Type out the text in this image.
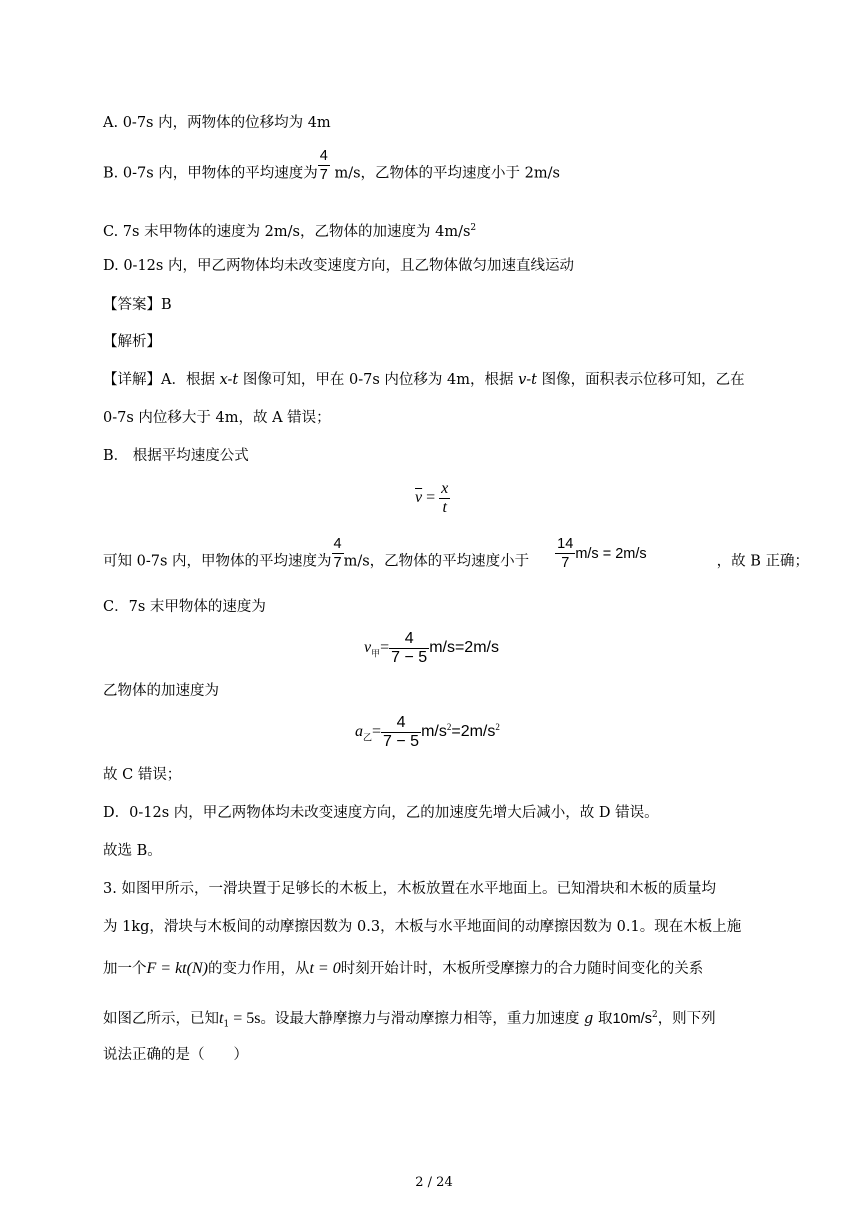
A. 0-7s 内，两物体的位移均为 4m
B. 0-7s 内，甲物体的平均速度为 $\frac{4}{7} m/s$，乙物体的平均速度小于 2m/s
C. 7s 末甲物体的速度为 2m/s，乙物体的加速度为 $4m/s^2$
D. 0-12s 内，甲乙两物体均未改变速度方向，且乙物体做匀加速直线运动
【答案】B
【解析】
【详解】A．根据 x-t 图像可知，甲在 0-7s 内位移为 4m，根据 v-t 图像，面积表示位移可知，乙在
0-7s 内位移大于 4m，故 A 错误；
B． 根据平均速度公式
$\overline{v} = \frac{x}{t}$
可知 0-7s 内，甲物体的平均速度为 $\frac{4}{7} m/s$，乙物体的平均速度小于 $\frac{14}{7} m/s = 2m/s$	，故 B 正确；
C．7s 末甲物体的速度为
$v_甲= \frac{4}{7 - 5} m/s=2m/s$
乙物体的加速度为
$a_乙= \frac{4}{7 - 5} m/s^2=2m/s^2$
故 C 错误；
D．0-12s 内，甲乙两物体均未改变速度方向，乙的加速度先增大后减小，故 D 错误。
故选 B。
3. 如图甲所示，一滑块置于足够长的木板上，木板放置在水平地面上。已知滑块和木板的质量均
为 1kg，滑块与木板间的动摩擦因数为 0.3，木板与水平地面间的动摩擦因数为 0.1。现在木板上施
加一个F = kt(N)的变力作用，从t = 0时刻开始计时，木板所受摩擦力的合力随时间变化的关系
如图乙所示，已知$t_1 = 5s$。设最大静摩擦力与滑动摩擦力相等，重力加速度 g 取$10m/s^2$，则下列
说法正确的是（　　）
2 / 24
